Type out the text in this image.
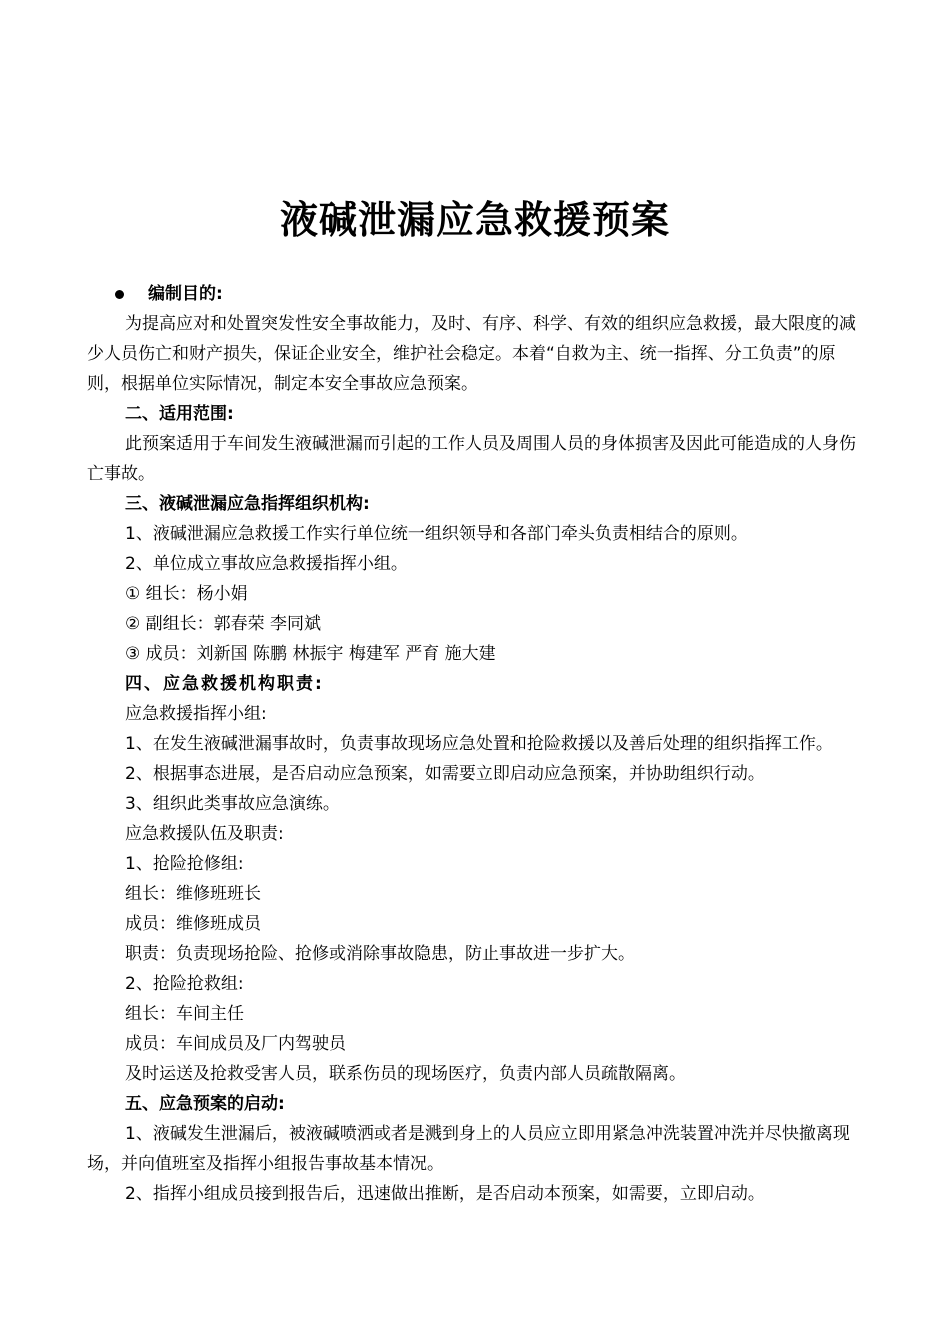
液碱泄漏应急救援预案
编制目的:

为提高应对和处置突发性安全事故能力，及时、有序、科学、有效的组织应急救援，最大限度的减少人员伤亡和财产损失，保证企业安全，维护社会稳定。本着“自救为主、统一指挥、分工负责”的原则，根据单位实际情况，制定本安全事故应急预案。

二、适用范围:

此预案适用于车间发生液碱泄漏而引起的工作人员及周围人员的身体损害及因此可能造成的人身伤亡事故。

三、液碱泄漏应急指挥组织机构:

1、液碱泄漏应急救援工作实行单位统一组织领导和各部门牵头负责相结合的原则。

2、单位成立事故应急救援指挥小组。

① 组长：杨小娟

② 副组长：郭春荣 李同斌

③ 成员：刘新国 陈鹏 林振宇 梅建军 严育 施大建

四、应急救援机构职责:

应急救援指挥小组:

1、在发生液碱泄漏事故时，负责事故现场应急处置和抢险救援以及善后处理的组织指挥工作。

2、根据事态进展，是否启动应急预案，如需要立即启动应急预案，并协助组织行动。

3、组织此类事故应急演练。

应急救援队伍及职责:

1、抢险抢修组:

组长：维修班班长

成员：维修班成员

职责：负责现场抢险、抢修或消除事故隐患，防止事故进一步扩大。

2、抢险抢救组:

组长：车间主任

成员：车间成员及厂内驾驶员

及时运送及抢救受害人员，联系伤员的现场医疗，负责内部人员疏散隔离。

五、应急预案的启动:

1、液碱发生泄漏后，被液碱喷洒或者是溅到身上的人员应立即用紧急冲洗装置冲洗并尽快撤离现场，并向值班室及指挥小组报告事故基本情况。

2、指挥小组成员接到报告后，迅速做出推断，是否启动本预案，如需要，立即启动。
